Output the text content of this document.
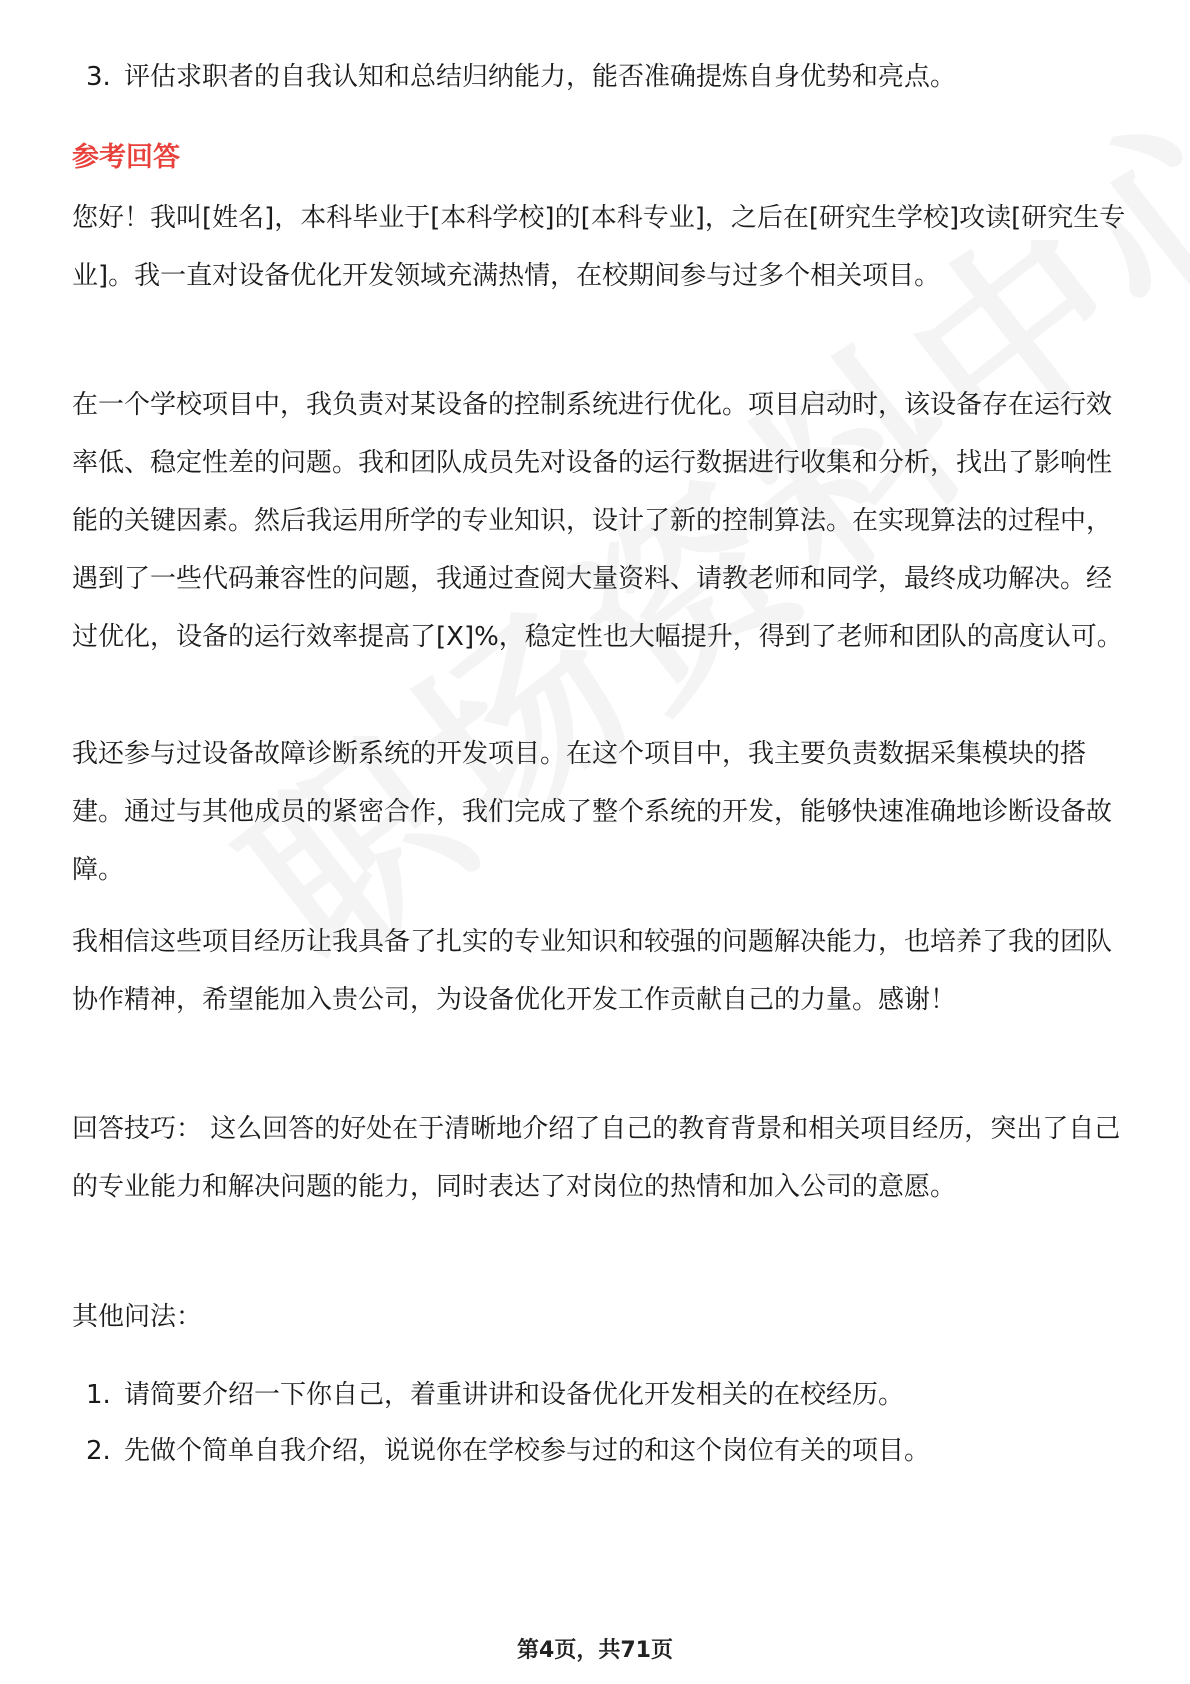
3. 评估求职者的自我认知和总结归纳能力，能否准确提炼自身优势和亮点。
参考回答

您好！我叫[姓名]，本科毕业于[本科学校]的[本科专业]，之后在[研究生学校]攻读[研究生专业]。我一直对设备优化开发领域充满热情，在校期间参与过多个相关项目。

在一个学校项目中，我负责对某设备的控制系统进行优化。项目启动时，该设备存在运行效率低、稳定性差的问题。我和团队成员先对设备的运行数据进行收集和分析，找出了影响性能的关键因素。然后我运用所学的专业知识，设计了新的控制算法。在实现算法的过程中，遇到了一些代码兼容性的问题，我通过查阅大量资料、请教老师和同学，最终成功解决。经过优化，设备的运行效率提高了[X]%，稳定性也大幅提升，得到了老师和团队的高度认可。

我还参与过设备故障诊断系统的开发项目。在这个项目中，我主要负责数据采集模块的搭建。通过与其他成员的紧密合作，我们完成了整个系统的开发，能够快速准确地诊断设备故障。

我相信这些项目经历让我具备了扎实的专业知识和较强的问题解决能力，也培养了我的团队协作精神，希望能加入贵公司，为设备优化开发工作贡献自己的力量。感谢！

回答技巧： 这么回答的好处在于清晰地介绍了自己的教育背景和相关项目经历，突出了自己的专业能力和解决问题的能力，同时表达了对岗位的热情和加入公司的意愿。

其他问法：

1. 请简要介绍一下你自己，着重讲讲和设备优化开发相关的在校经历。
2. 先做个简单自我介绍，说说你在学校参与过的和这个岗位有关的项目。
第4页，共71页
